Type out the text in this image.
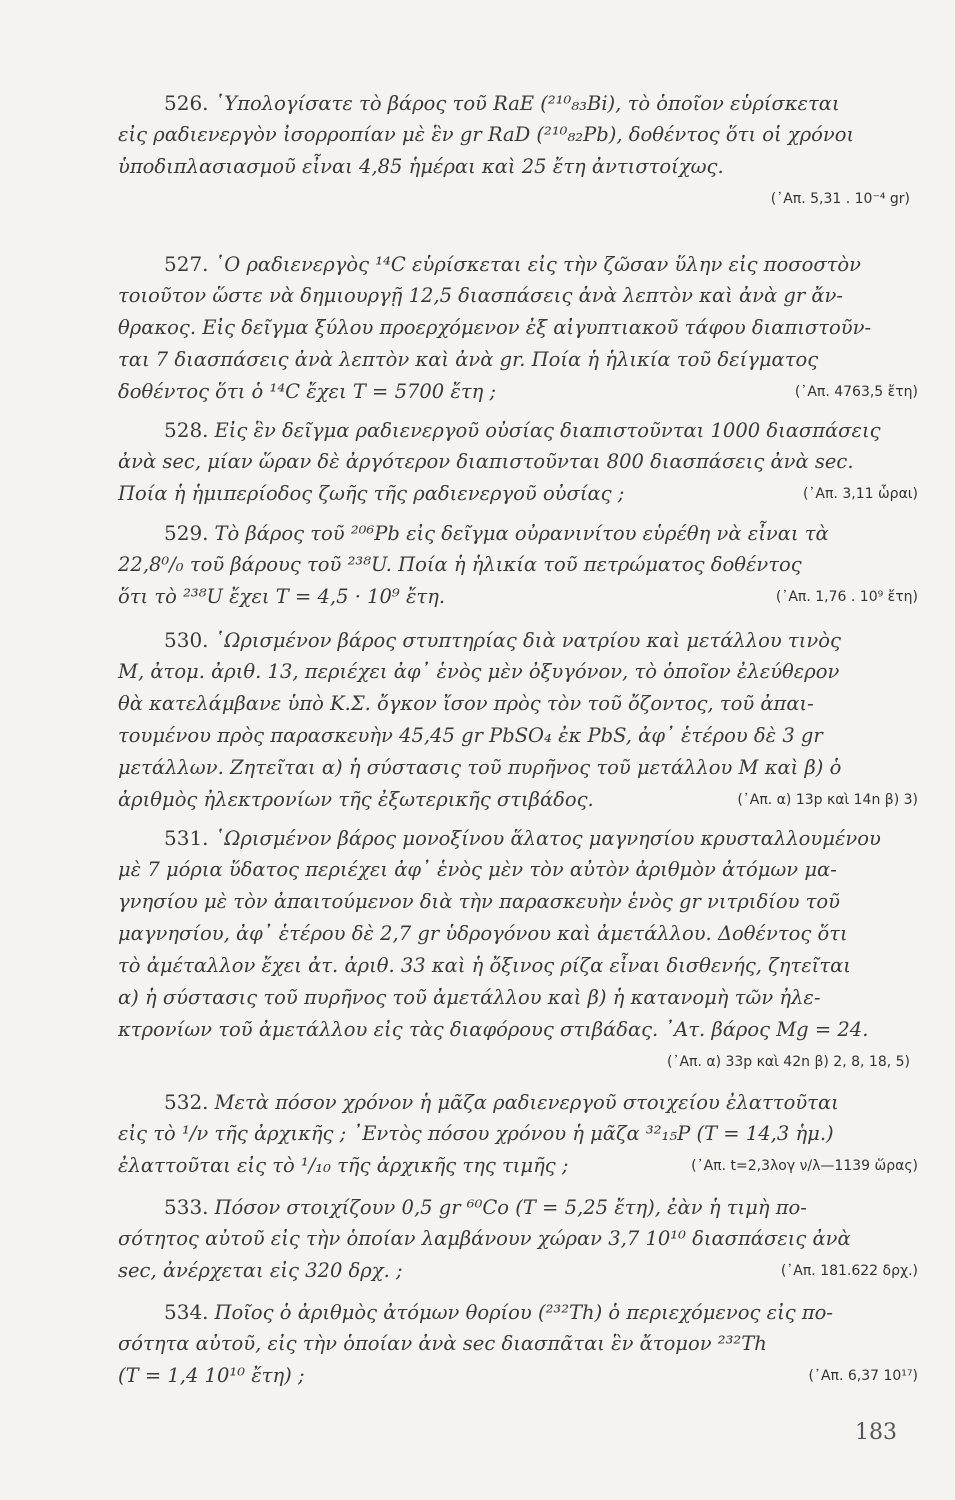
526. ῾Υπολογίσατε τὸ βάρος τοῦ RaE (²¹⁰₈₃Bi), τὸ ὁποῖον εὑρίσκεται
εἰς ραδιενεργὸν ἰσορροπίαν μὲ ἓν gr RaD (²¹⁰₈₂Pb), δοθέντος ὅτι οἱ χρόνοι
ὑποδιπλασιασμοῦ εἶναι 4,85 ἡμέραι καὶ 25 ἔτη ἀντιστοίχως.
(᾿Απ. 5,31 . 10⁻⁴ gr)
527. ῾Ο ραδιενεργὸς ¹⁴C εὑρίσκεται εἰς τὴν ζῶσαν ὕλην εἰς ποσοστὸν
τοιοῦτον ὥστε νὰ δημιουργῇ 12,5 διασπάσεις ἀνὰ λεπτὸν καὶ ἀνὰ gr ἄν-
θρακος. Εἰς δεῖγμα ξύλου προερχόμενον ἐξ αἰγυπτιακοῦ τάφου διαπιστοῦν-
ται 7 διασπάσεις ἀνὰ λεπτὸν καὶ ἀνὰ gr. Ποία ἡ ἡλικία τοῦ δείγματος
δοθέντος ὅτι ὁ ¹⁴C ἔχει T = 5700 ἔτη ;	(᾿Απ. 4763,5 ἔτη)
528. Εἰς ἓν δεῖγμα ραδιενεργοῦ οὐσίας διαπιστοῦνται 1000 διασπάσεις
ἀνὰ sec, μίαν ὥραν δὲ ἀργότερον διαπιστοῦνται 800 διασπάσεις ἀνὰ sec.
Ποία ἡ ἡμιπερίοδος ζωῆς τῆς ραδιενεργοῦ οὐσίας ;	(᾿Απ. 3,11 ὧραι)
529. Τὸ βάρος τοῦ ²⁰⁶Pb εἰς δεῖγμα οὐρανινίτου εὑρέθη νὰ εἶναι τὰ
22,8⁰/₀ τοῦ βάρους τοῦ ²³⁸U. Ποία ἡ ἡλικία τοῦ πετρώματος δοθέντος
ὅτι τὸ ²³⁸U ἔχει T = 4,5 · 10⁹ ἔτη.	(᾿Απ. 1,76 . 10⁹ ἔτη)
530. ῾Ωρισμένον βάρος στυπτηρίας διὰ νατρίου καὶ μετάλλου τινὸς
M, ἀτομ. ἀριθ. 13, περιέχει ἀφ᾿ ἑνὸς μὲν ὀξυγόνον, τὸ ὁποῖον ἐλεύθερον
θὰ κατελάμβανε ὑπὸ Κ.Σ. ὄγκον ἴσον πρὸς τὸν τοῦ ὄζοντος, τοῦ ἀπαι-
τουμένου πρὸς παρασκευὴν 45,45 gr PbSO₄ ἐκ PbS, ἀφ᾿ ἑτέρου δὲ 3 gr
μετάλλων. Ζητεῖται α) ἡ σύστασις τοῦ πυρῆνος τοῦ μετάλλου M καὶ β) ὁ
ἀριθμὸς ἠλεκτρονίων τῆς ἐξωτερικῆς στιβάδος.	(᾿Απ. α) 13p καὶ 14n β) 3)
531. ῾Ωρισμένον βάρος μονοξίνου ἅλατος μαγνησίου κρυσταλλουμένου
μὲ 7 μόρια ὕδατος περιέχει ἀφ᾿ ἑνὸς μὲν τὸν αὐτὸν ἀριθμὸν ἀτόμων μα-
γνησίου μὲ τὸν ἀπαιτούμενον διὰ τὴν παρασκευὴν ἑνὸς gr νιτριδίου τοῦ
μαγνησίου, ἀφ᾿ ἑτέρου δὲ 2,7 gr ὑδρογόνου καὶ ἀμετάλλου. Δοθέντος ὅτι
τὸ ἀμέταλλον ἔχει ἀτ. ἀριθ. 33 καὶ ἡ ὄξινος ρίζα εἶναι δισθενής, ζητεῖται
α) ἡ σύστασις τοῦ πυρῆνος τοῦ ἀμετάλλου καὶ β) ἡ κατανομὴ τῶν ἠλε-
κτρονίων τοῦ ἀμετάλλου εἰς τὰς διαφόρους στιβάδας. ᾿Ατ. βάρος Mg = 24.
(᾿Απ. α) 33p καὶ 42n β) 2, 8, 18, 5)
532. Μετὰ πόσον χρόνον ἡ μᾶζα ραδιενεργοῦ στοιχείου ἐλαττοῦται
εἰς τὸ ¹/ν τῆς ἀρχικῆς ; ᾿Εντὸς πόσου χρόνου ἡ μᾶζα ³²₁₅P (T = 14,3 ἡμ.)
ἐλαττοῦται εἰς τὸ ¹/₁₀ τῆς ἀρχικῆς της τιμῆς ;	(᾿Απ. t=2,3λογ ν/λ—1139 ὥρας)
533. Πόσον στοιχίζουν 0,5 gr ⁶⁰Co (T = 5,25 ἔτη), ἐὰν ἡ τιμὴ πο-
σότητος αὐτοῦ εἰς τὴν ὁποίαν λαμβάνουν χώραν 3,7 10¹⁰ διασπάσεις ἀνὰ
sec, ἀνέρχεται εἰς 320 δρχ. ;	(᾿Απ. 181.622 δρχ.)
534. Ποῖος ὁ ἀριθμὸς ἀτόμων θορίου (²³²Th) ὁ περιεχόμενος εἰς πο-
σότητα αὐτοῦ, εἰς τὴν ὁποίαν ἀνὰ sec διασπᾶται ἓν ἄτομον ²³²Th
(T = 1,4 10¹⁰ ἔτη) ;	(᾿Απ. 6,37 10¹⁷)
183
